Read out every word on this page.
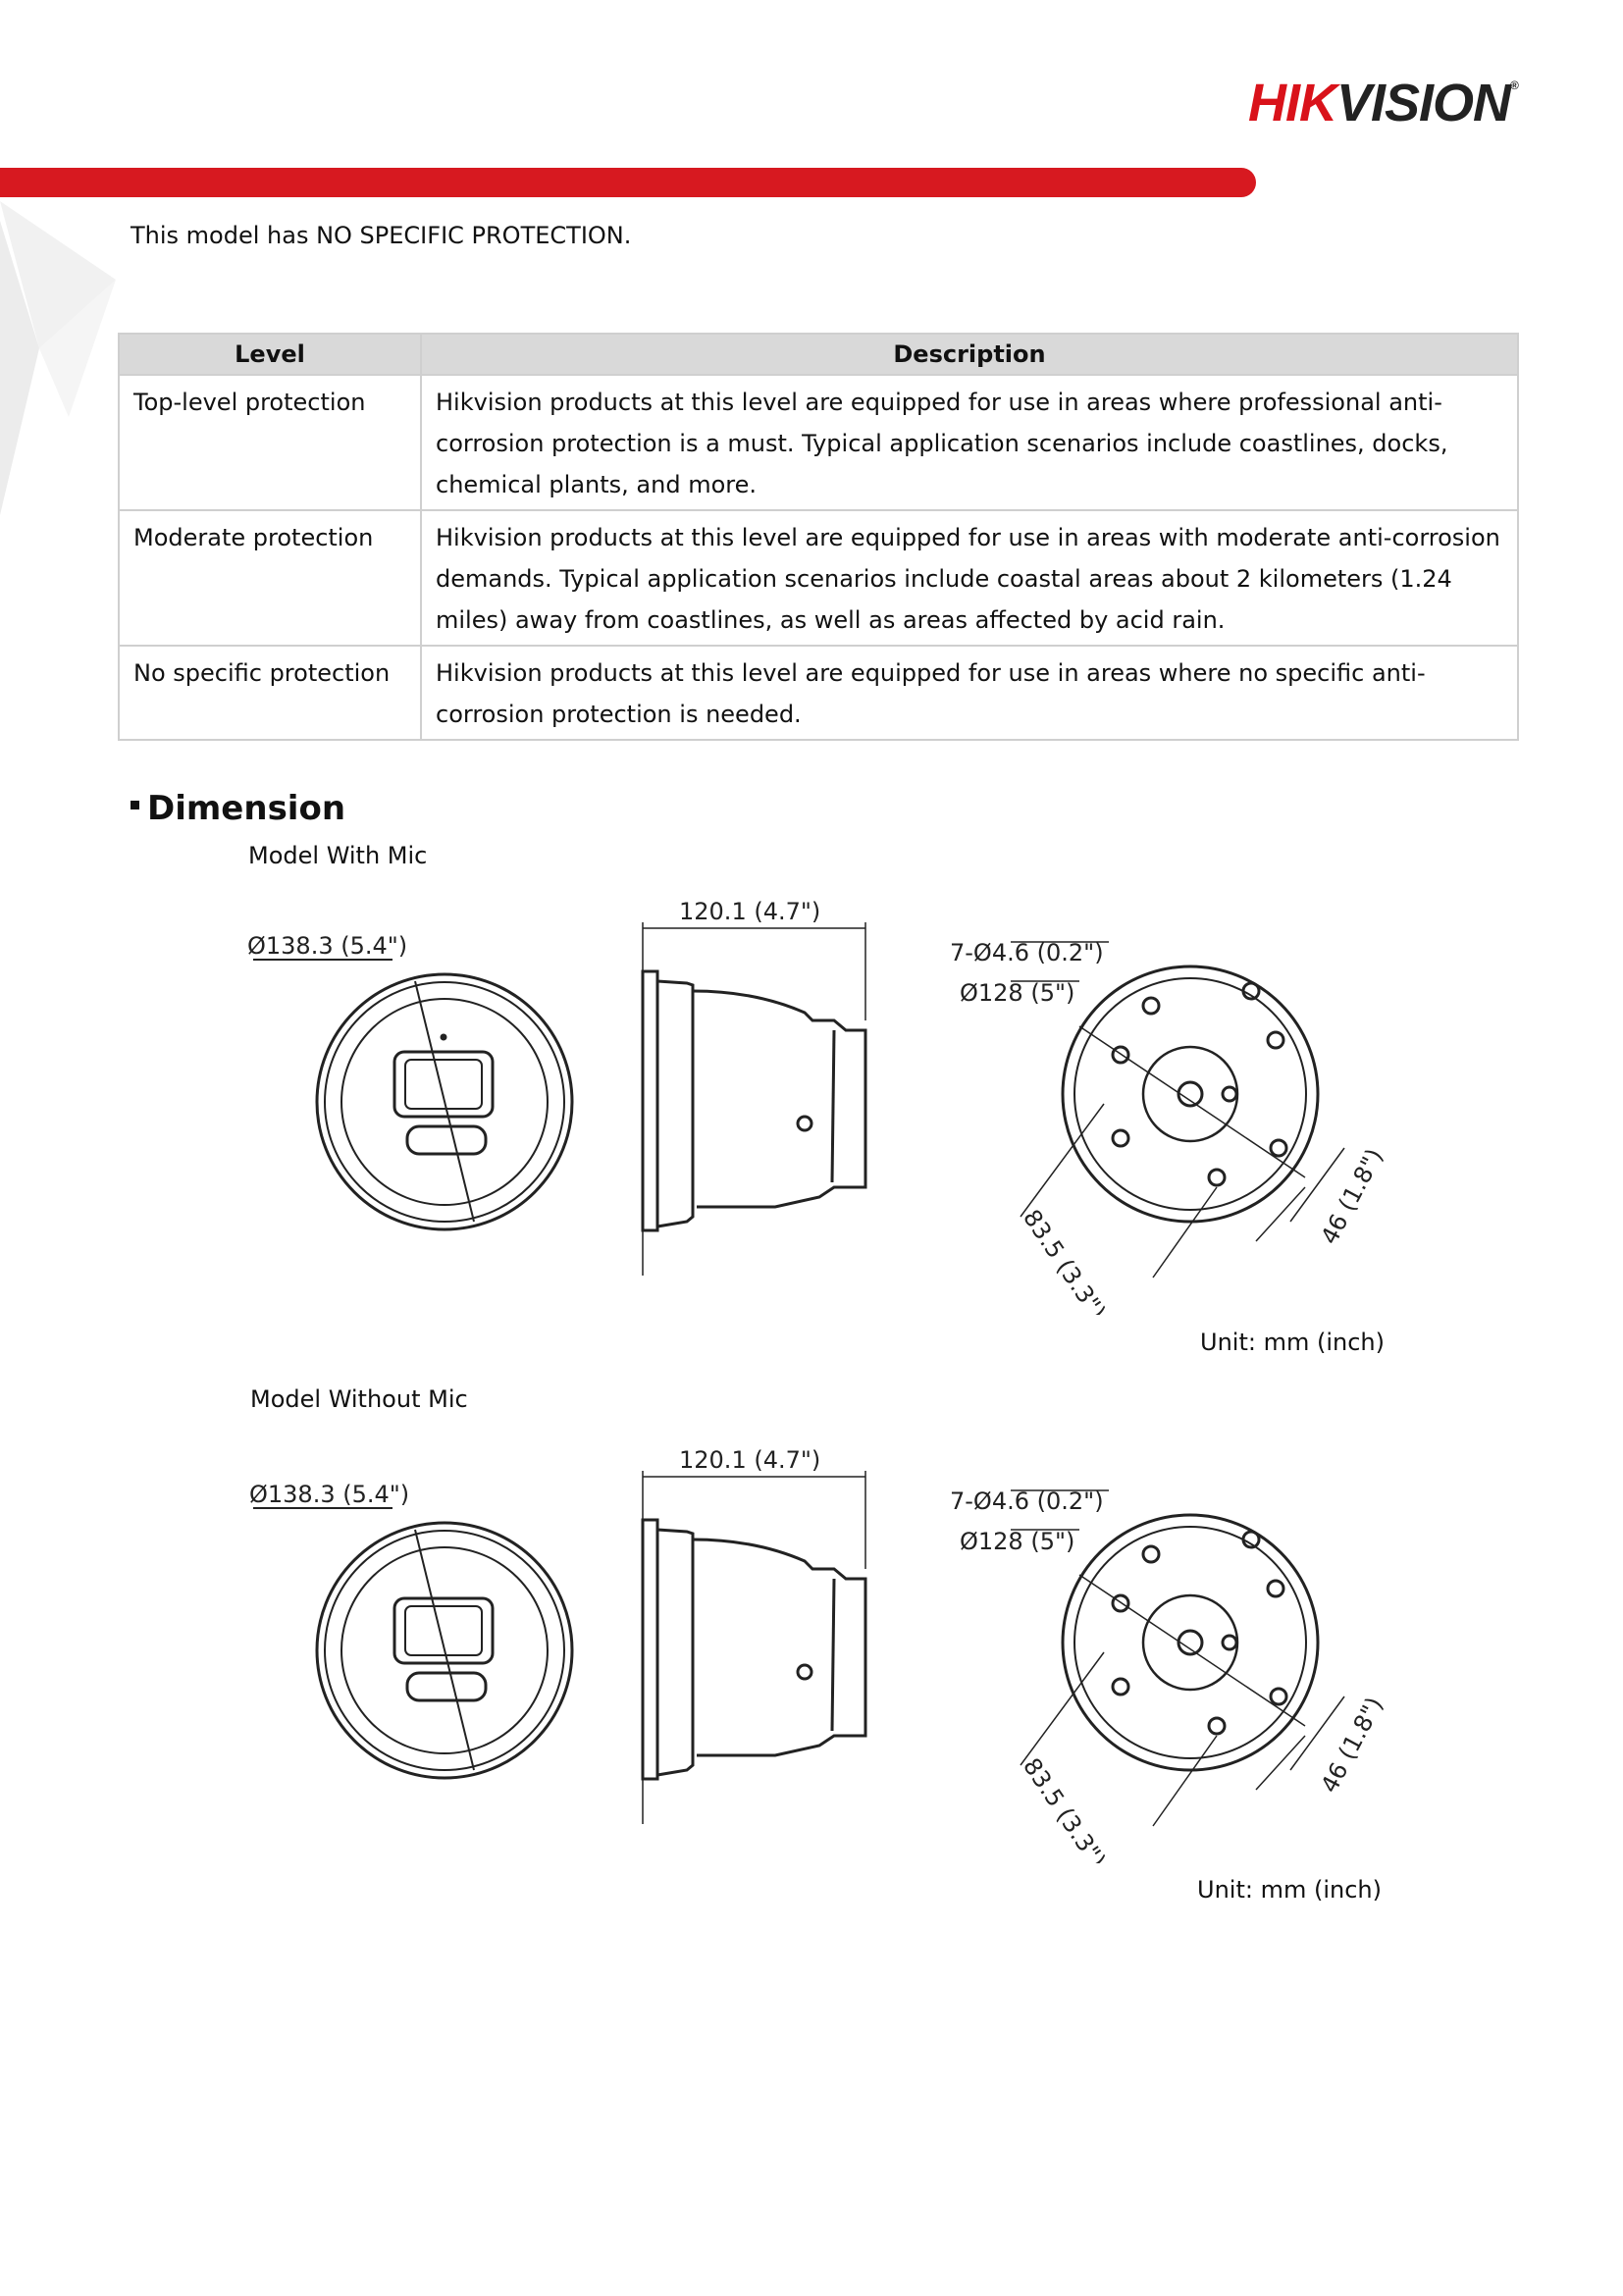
HIKVISION®
This model has NO SPECIFIC PROTECTION.
Level	Description
Top-level protection	Hikvision products at this level are equipped for use in areas where professional anti-corrosion protection is a must. Typical application scenarios include coastlines, docks, chemical plants, and more.
Moderate protection	Hikvision products at this level are equipped for use in areas with moderate anti-corrosion demands. Typical application scenarios include coastal areas about 2 kilometers (1.24 miles) away from coastlines, as well as areas affected by acid rain.
No specific protection	Hikvision products at this level are equipped for use in areas where no specific anti-corrosion protection is needed.
Dimension
Model With Mic
Ø138.3 (5.4")
120.1 (4.7")
7-Ø4.6 (0.2")
Ø128 (5")
83.5 (3.3")
46 (1.8")
Unit: mm (inch)
Model Without Mic
Ø138.3 (5.4")
120.1 (4.7")
7-Ø4.6 (0.2")
Ø128 (5")
83.5 (3.3")
46 (1.8")
Unit: mm (inch)
